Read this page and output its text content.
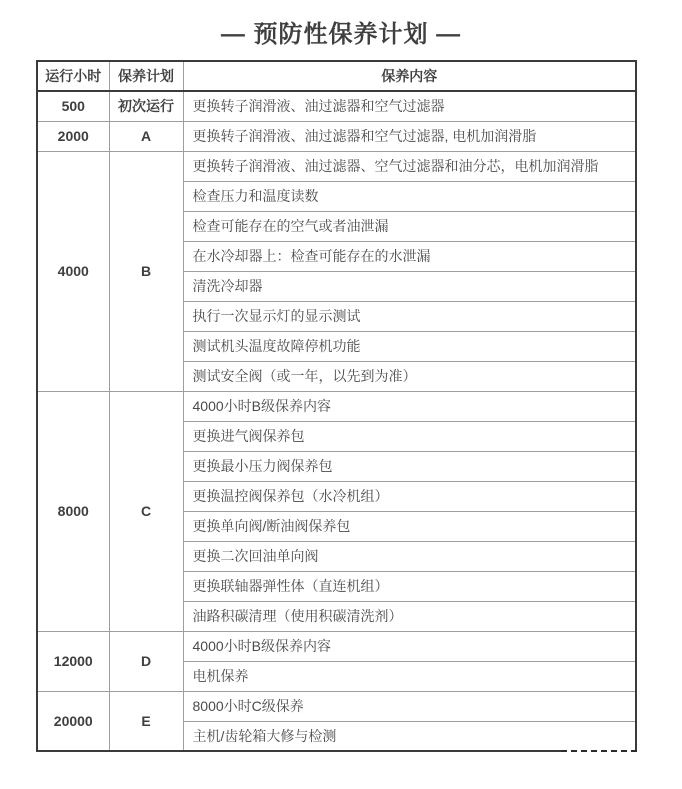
— 预防性保养计划 —
运行小时	保养计划	保养内容
500	初次运行	更换转子润滑液、油过滤器和空气过滤器
2000	A	更换转子润滑液、油过滤器和空气过滤器, 电机加润滑脂
4000	B	更换转子润滑液、油过滤器、空气过滤器和油分芯，电机加润滑脂
		检查压力和温度读数
		检查可能存在的空气或者油泄漏
		在水冷却器上：检查可能存在的水泄漏
		清洗冷却器
		执行一次显示灯的显示测试
		测试机头温度故障停机功能
		测试安全阀（或一年，以先到为准）
8000	C	4000小时B级保养内容
		更换进气阀保养包
		更换最小压力阀保养包
		更换温控阀保养包（水冷机组）
		更换单向阀/断油阀保养包
		更换二次回油单向阀
		更换联轴器弹性体（直连机组）
		油路积碳清理（使用积碳清洗剂）
12000	D	4000小时B级保养内容
		电机保养
20000	E	8000小时C级保养
		主机/齿轮箱大修与检测
